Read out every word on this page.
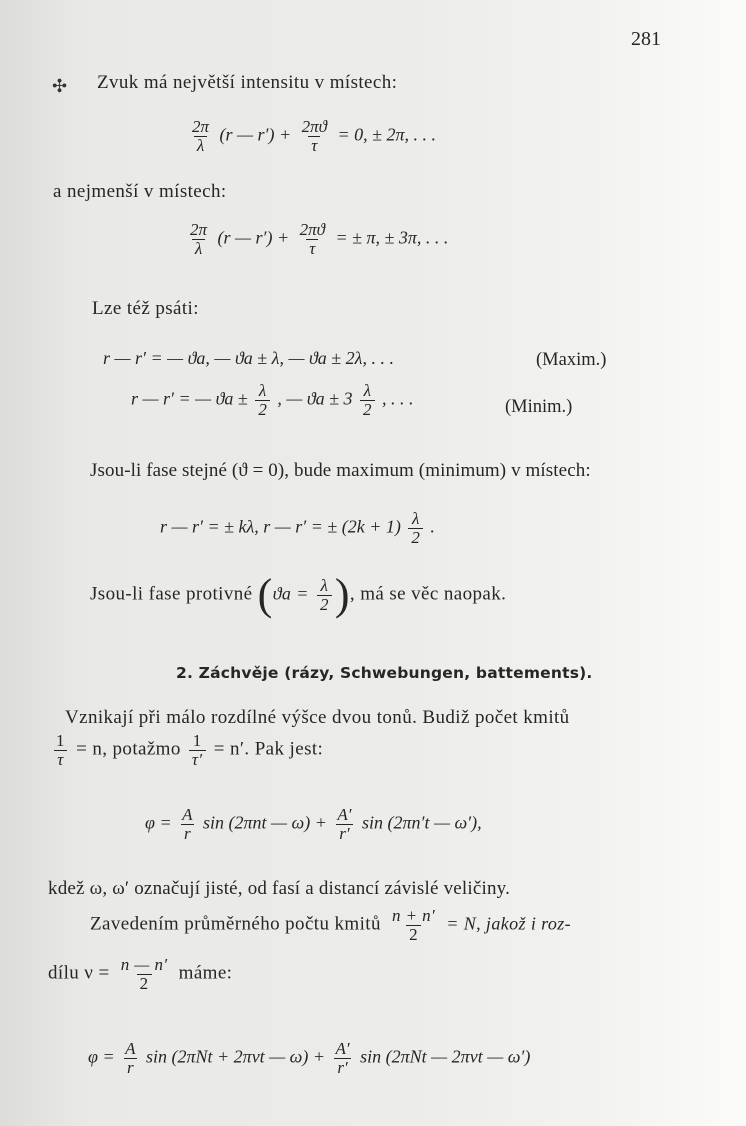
281
✣ Zvuk má největší intensitu v místech:
$\frac{2\pi}{\lambda} (r$ — $r') + \frac{2\pi ϑ}{\tau} = 0$, ± 2π, . . .
a nejmenší v místech:
$\frac{2\pi}{\lambda} (r$ — $r') + \frac{2\pi ϑ}{\tau}$ = ± π, ± 3π, . . .
Lze též psáti:
r — r′ = — ϑa, — ϑa ± λ, — ϑa ± 2λ, . . .	(Maxim.)
r — r′ = — $ϑa \pm \frac{\lambda}{2}$ , — $ϑa \pm 3 \frac{\lambda}{2}$ , . . .	(Minim.)
Jsou-li fase stejné (ϑ = 0), bude maximum (minimum) v místech:
r — r′ = ± kλ, r — r′ = ± $(2k + 1) \frac{\lambda}{2}$ .
Jsou-li fase protivné ($ϑa = \frac{\lambda}{2}$ ), má se věc naopak.
2. Záchvěje (rázy, Schwebungen, battements).
Vznikají při málo rozdílné výšce dvou tonů. Budiž počet kmitů
$\frac{1}{\tau} = n$, potažmo $\frac{1}{\tau'} = n'$. Pak jest:
$\varphi = \frac{A}{r}$ sin (2πnt — $\omega) + \frac{A'}{r'}$ sin (2πn′t — ω′),
kdež ω, ω′ označují jisté, od fasí a distancí závislé veličiny.
Zavedením průměrného počtu kmitů $\frac{n + n'}{2} = N$, jakož i roz-
dílu $\nu = \frac{n — n'}{2}$ máme:
$\varphi = \frac{A}{r}$ sin (2πNt + 2πνt — $\omega) + \frac{A'}{r'}$ sin (2πNt — 2πνt — ω′)
